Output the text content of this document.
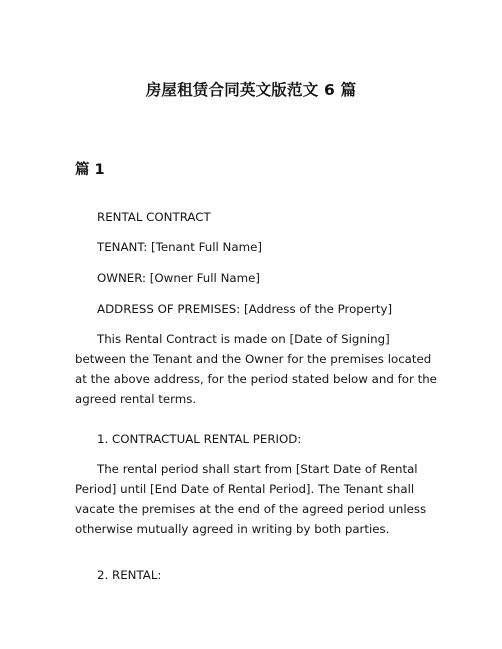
房屋租赁合同英文版范文 6 篇
篇 1

RENTAL CONTRACT

TENANT: [Tenant Full Name]

OWNER: [Owner Full Name]

ADDRESS OF PREMISES: [Address of the Property]

This Rental Contract is made on [Date of Signing] between the Tenant and the Owner for the premises located at the above address, for the period stated below and for the agreed rental terms.

1. CONTRACTUAL RENTAL PERIOD:

The rental period shall start from [Start Date of Rental Period] until [End Date of Rental Period]. The Tenant shall vacate the premises at the end of the agreed period unless otherwise mutually agreed in writing by both parties.

2. RENTAL:
